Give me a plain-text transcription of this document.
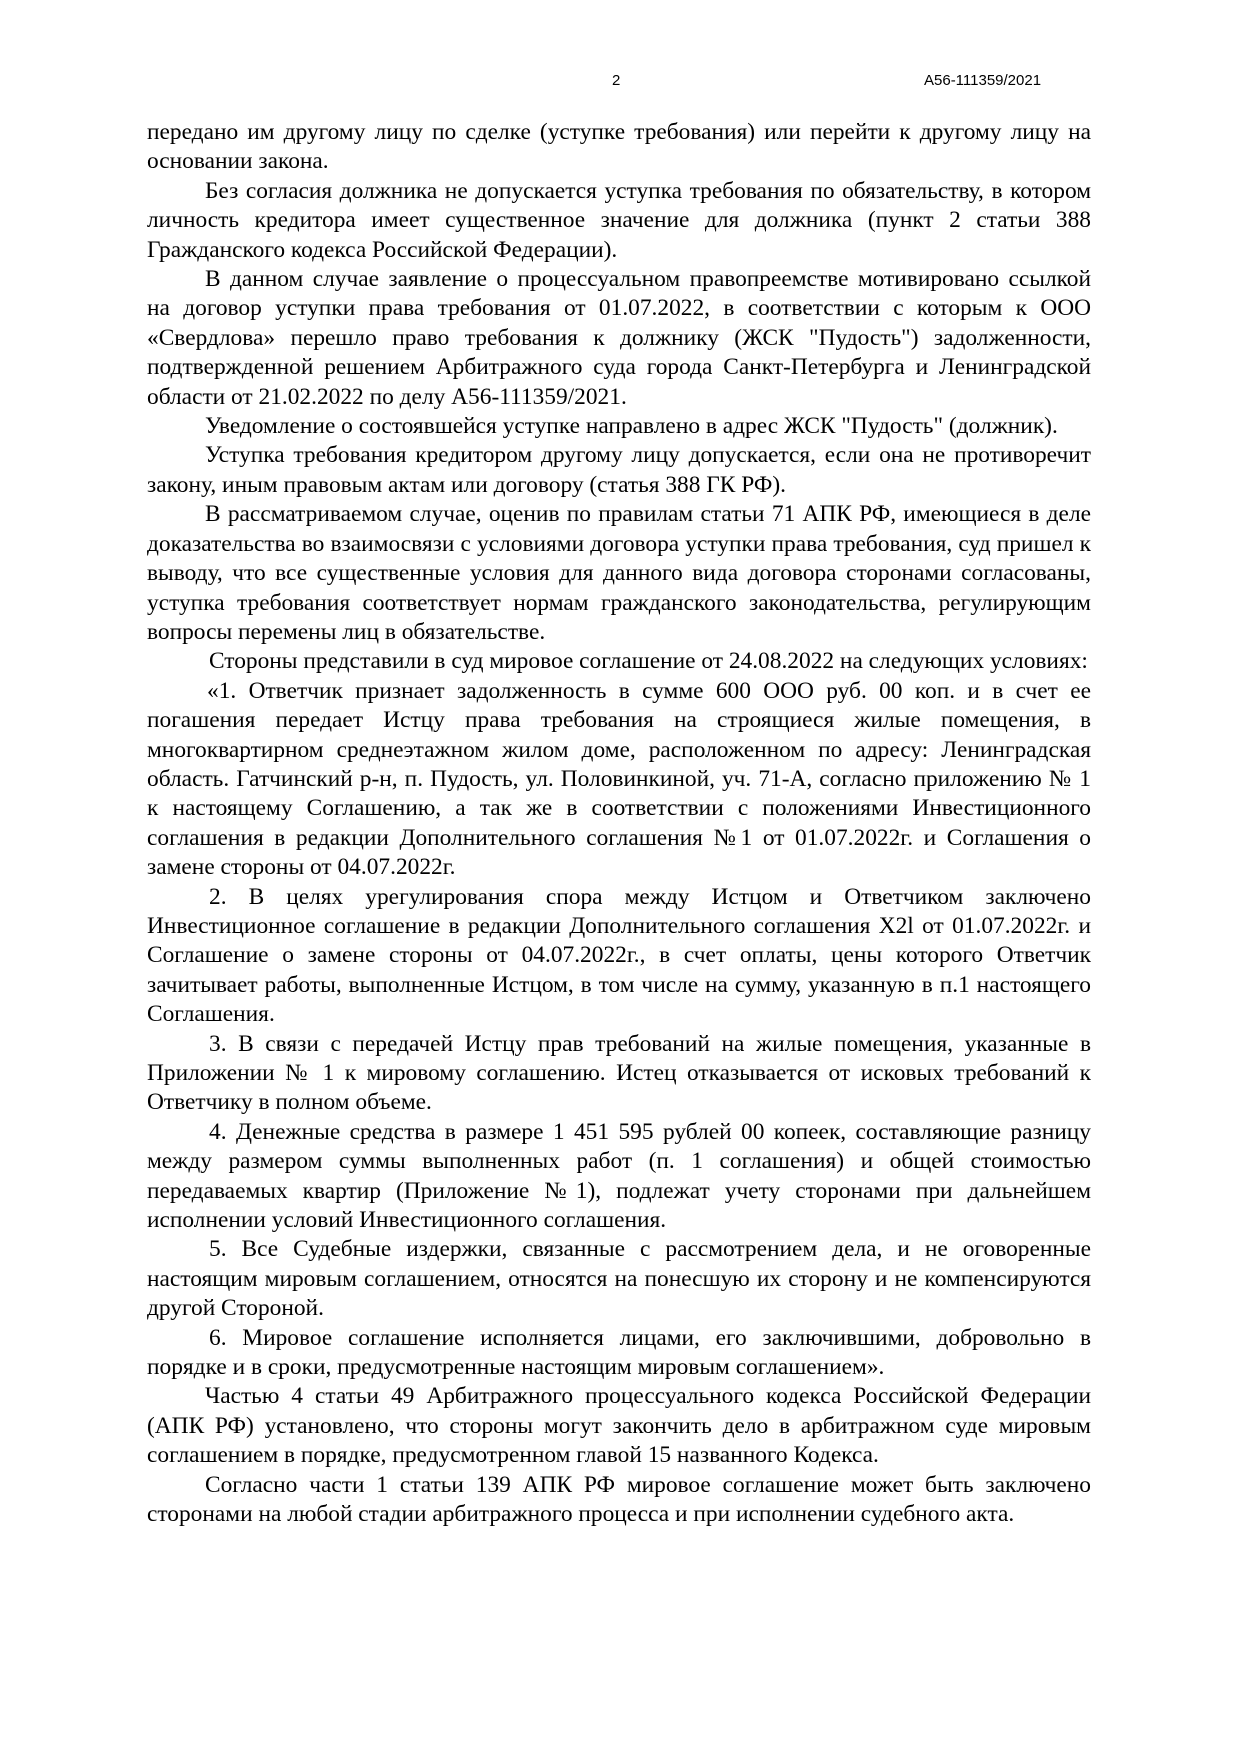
2	А56-111359/2021

передано им другому лицу по сделке (уступке требования) или перейти к другому лицу на основании закона.

Без согласия должника не допускается уступка требования по обязательству, в котором личность кредитора имеет существенное значение для должника (пункт 2 статьи 388 Гражданского кодекса Российской Федерации).

В данном случае заявление о процессуальном правопреемстве мотивировано ссылкой на договор уступки права требования от 01.07.2022, в соответствии с которым к ООО «Свердлова» перешло право требования к должнику (ЖСК "Пудость") задолженности, подтвержденной решением Арбитражного суда города Санкт-Петербурга и Ленинградской области от 21.02.2022 по делу А56-111359/2021.

Уведомление о состоявшейся уступке направлено в адрес ЖСК "Пудость" (должник).

Уступка требования кредитором другому лицу допускается, если она не противоречит закону, иным правовым актам или договору (статья 388 ГК РФ).

В рассматриваемом случае, оценив по правилам статьи 71 АПК РФ, имеющиеся в деле доказательства во взаимосвязи с условиями договора уступки права требования, суд пришел к выводу, что все существенные условия для данного вида договора сторонами согласованы, уступка требования соответствует нормам гражданского законодательства, регулирующим вопросы перемены лиц в обязательстве.

Стороны представили в суд мировое соглашение от 24.08.2022 на следующих условиях:

«1. Ответчик признает задолженность в сумме 600 ООО руб. 00 коп. и в счет ее погашения передает Истцу права требования на строящиеся жилые помещения, в многоквартирном среднеэтажном жилом доме, расположенном по адресу: Ленинградская область. Гатчинский р-н, п. Пудость, ул. Половинкиной, уч. 71-А, согласно приложению № 1 к настоящему Соглашению, а так же в соответствии с положениями Инвестиционного соглашения в редакции Дополнительного соглашения №1 от 01.07.2022г. и Соглашения о замене стороны от 04.07.2022г.

2. В целях урегулирования спора между Истцом и Ответчиком заключено Инвестиционное соглашение в редакции Дополнительного соглашения X2l от 01.07.2022г. и Соглашение о замене стороны от 04.07.2022г., в счет оплаты, цены которого Ответчик зачитывает работы, выполненные Истцом, в том числе на сумму, указанную в п.1 настоящего Соглашения.

3. В связи с передачей Истцу прав требований на жилые помещения, указанные в Приложении № 1 к мировому соглашению. Истец отказывается от исковых требований к Ответчику в полном объеме.

4. Денежные средства в размере 1 451 595 рублей 00 копеек, составляющие разницу между размером суммы выполненных работ (п. 1 соглашения) и общей стоимостью передаваемых квартир (Приложение №1), подлежат учету сторонами при дальнейшем исполнении условий Инвестиционного соглашения.

5. Все Судебные издержки, связанные с рассмотрением дела, и не оговоренные настоящим мировым соглашением, относятся на понесшую их сторону и не компенсируются другой Стороной.

6. Мировое соглашение исполняется лицами, его заключившими, добровольно в порядке и в сроки, предусмотренные настоящим мировым соглашением».

Частью 4 статьи 49 Арбитражного процессуального кодекса Российской Федерации (АПК РФ) установлено, что стороны могут закончить дело в арбитражном суде мировым соглашением в порядке, предусмотренном главой 15 названного Кодекса.

Согласно части 1 статьи 139 АПК РФ мировое соглашение может быть заключено сторонами на любой стадии арбитражного процесса и при исполнении судебного акта.
